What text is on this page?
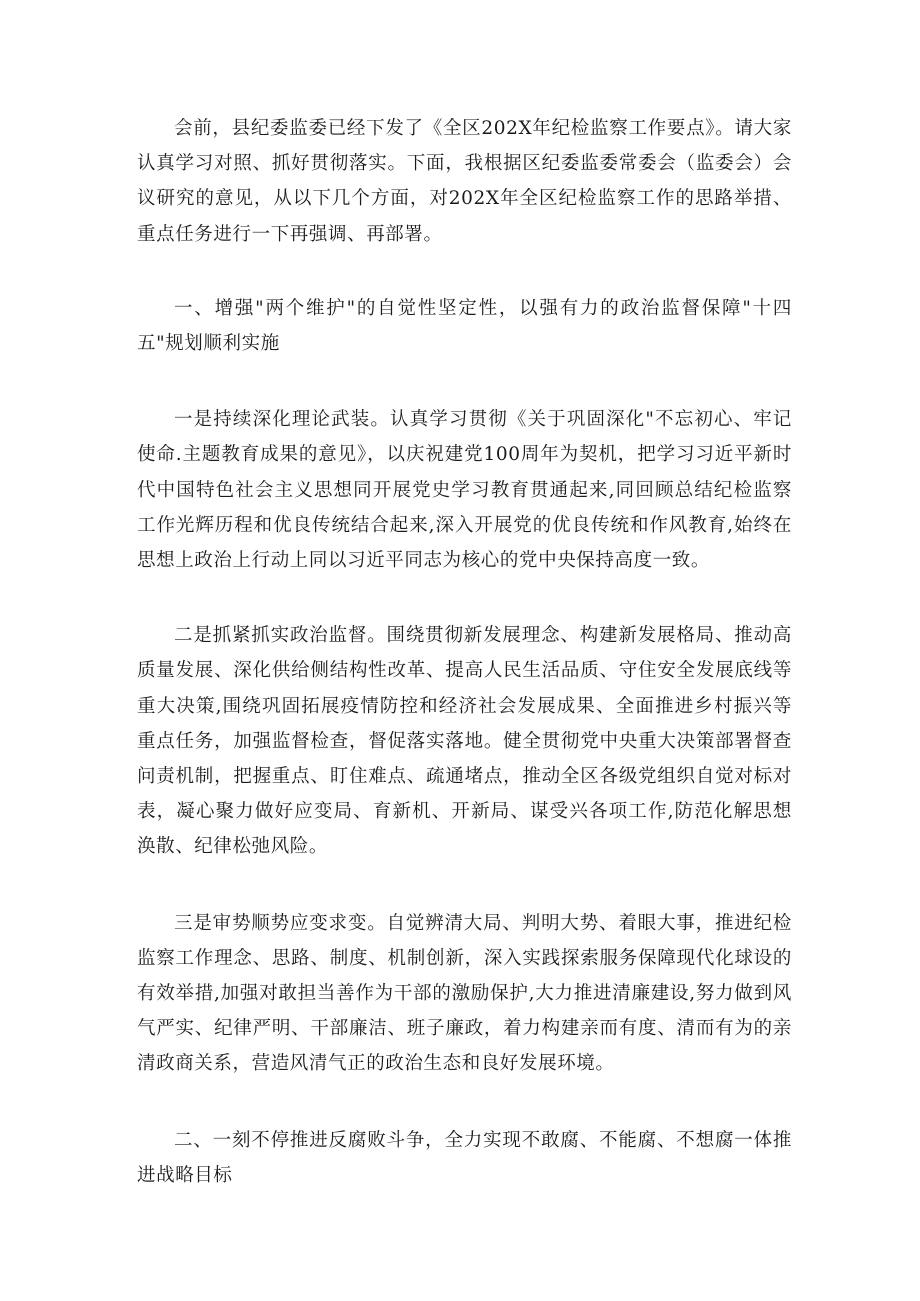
会前，县纪委监委已经下发了《全区202X年纪检监察工作要点》。请大家认真学习对照、抓好贯彻落实。下面，我根据区纪委监委常委会（监委会）会议研究的意见，从以下几个方面，对202X年全区纪检监察工作的思路举措、重点任务进行一下再强调、再部署。

一、增强"两个维护"的自觉性坚定性，以强有力的政治监督保障"十四五"规划顺利实施

一是持续深化理论武装。认真学习贯彻《关于巩固深化"不忘初心、牢记使命.主题教育成果的意见》，以庆祝建党100周年为契机，把学习习近平新时代中国特色社会主义思想同开展党史学习教育贯通起来,同回顾总结纪检监察工作光辉历程和优良传统结合起来,深入开展党的优良传统和作风教育,始终在思想上政治上行动上同以习近平同志为核心的党中央保持高度一致。

二是抓紧抓实政治监督。围绕贯彻新发展理念、构建新发展格局、推动高质量发展、深化供给侧结构性改革、提高人民生活品质、守住安全发展底线等重大决策,围绕巩固拓展疫情防控和经济社会发展成果、全面推进乡村振兴等重点任务，加强监督检查，督促落实落地。健全贯彻党中央重大决策部署督查问责机制，把握重点、盯住难点、疏通堵点，推动全区各级党组织自觉对标对表，凝心聚力做好应变局、育新机、开新局、谋受兴各项工作,防范化解思想涣散、纪律松弛风险。

三是审势顺势应变求变。自觉辨清大局、判明大势、着眼大事，推进纪检监察工作理念、思路、制度、机制创新，深入实践探索服务保障现代化球设的有效举措,加强对敢担当善作为干部的激励保护,大力推进清廉建设,努力做到风气严实、纪律严明、干部廉洁、班子廉政，着力构建亲而有度、清而有为的亲清政商关系，营造风清气正的政治生态和良好发展环境。

二、一刻不停推进反腐败斗争，全力实现不敢腐、不能腐、不想腐一体推进战略目标
